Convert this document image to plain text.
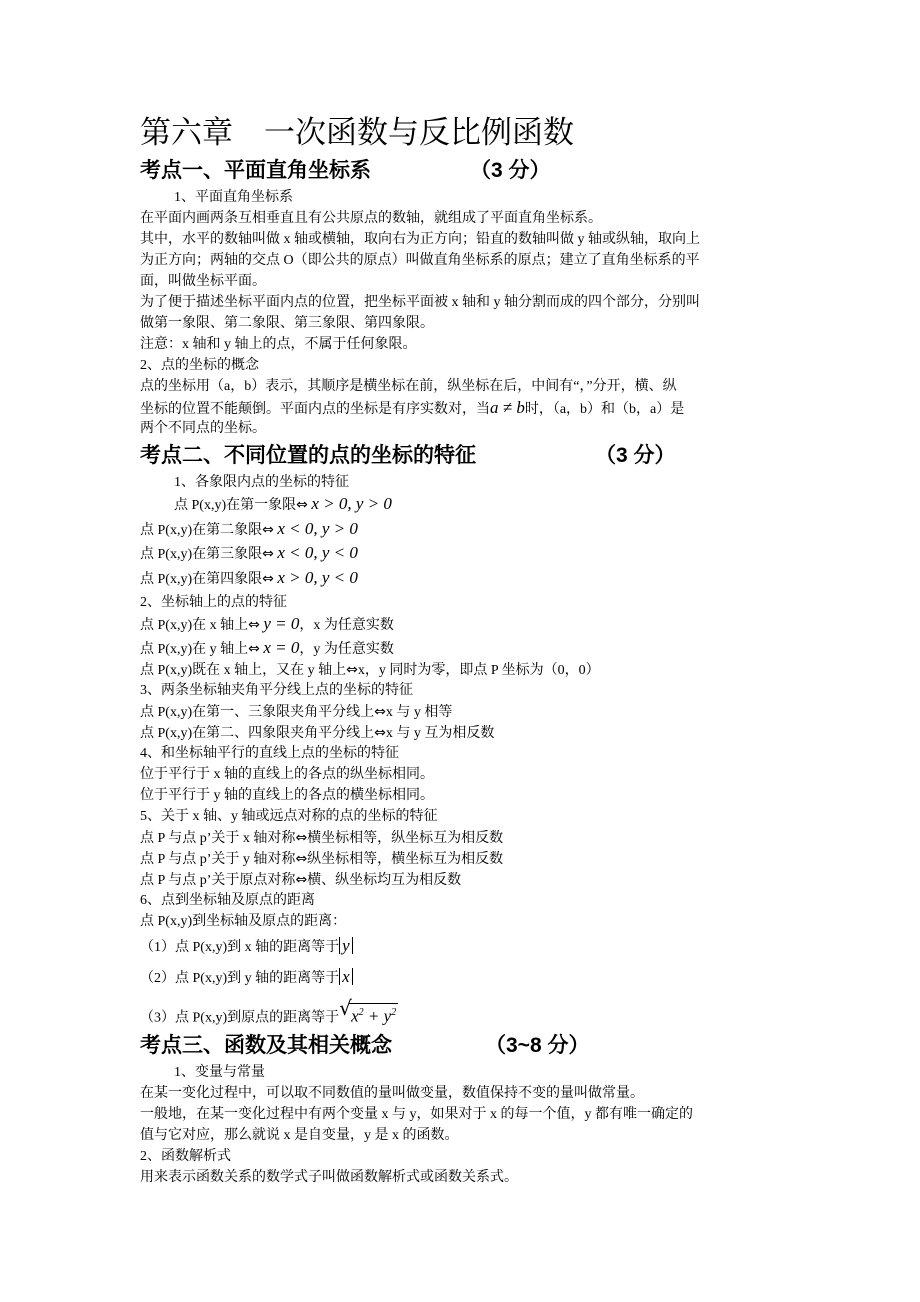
第六章　一次函数与反比例函数
考点一、平面直角坐标系	（3 分）
1、平面直角坐标系
在平面内画两条互相垂直且有公共原点的数轴，就组成了平面直角坐标系。
其中，水平的数轴叫做 x 轴或横轴，取向右为正方向；铅直的数轴叫做 y 轴或纵轴，取向上
为正方向；两轴的交点 O（即公共的原点）叫做直角坐标系的原点；建立了直角坐标系的平
面，叫做坐标平面。
为了便于描述坐标平面内点的位置，把坐标平面被 x 轴和 y 轴分割而成的四个部分，分别叫
做第一象限、第二象限、第三象限、第四象限。
注意：x 轴和 y 轴上的点，不属于任何象限。
2、点的坐标的概念
点的坐标用（a，b）表示，其顺序是横坐标在前，纵坐标在后，中间有“，”分开，横、纵
坐标的位置不能颠倒。平面内点的坐标是有序实数对，当a ≠ b时，（a，b）和（b，a）是
两个不同点的坐标。
考点二、不同位置的点的坐标的特征	（3 分）
1、各象限内点的坐标的特征
点 P(x,y)在第一象限⇔ x > 0, y > 0
点 P(x,y)在第二象限⇔ x < 0, y > 0
点 P(x,y)在第三象限⇔ x < 0, y < 0
点 P(x,y)在第四象限⇔ x > 0, y < 0
2、坐标轴上的点的特征
点 P(x,y)在 x 轴上⇔ y = 0，x 为任意实数
点 P(x,y)在 y 轴上⇔ x = 0，y 为任意实数
点 P(x,y)既在 x 轴上，又在 y 轴上⇔x，y 同时为零，即点 P 坐标为（0，0）
3、两条坐标轴夹角平分线上点的坐标的特征
点 P(x,y)在第一、三象限夹角平分线上⇔x 与 y 相等
点 P(x,y)在第二、四象限夹角平分线上⇔x 与 y 互为相反数
4、和坐标轴平行的直线上点的坐标的特征
位于平行于 x 轴的直线上的各点的纵坐标相同。
位于平行于 y 轴的直线上的各点的横坐标相同。
5、关于 x 轴、y 轴或远点对称的点的坐标的特征
点 P 与点 p’关于 x 轴对称⇔横坐标相等，纵坐标互为相反数
点 P 与点 p’关于 y 轴对称⇔纵坐标相等，横坐标互为相反数
点 P 与点 p’关于原点对称⇔横、纵坐标均互为相反数
6、点到坐标轴及原点的距离
点 P(x,y)到坐标轴及原点的距离：
（1）点 P(x,y)到 x 轴的距离等于 y
（2）点 P(x,y)到 y 轴的距离等于 x
（3）点 P(x,y)到原点的距离等于 √ $x^2 + y^2$
考点三、函数及其相关概念	（3~8 分）
1、变量与常量
在某一变化过程中，可以取不同数值的量叫做变量，数值保持不变的量叫做常量。
一般地，在某一变化过程中有两个变量 x 与 y，如果对于 x 的每一个值，y 都有唯一确定的
值与它对应，那么就说 x 是自变量，y 是 x 的函数。
2、函数解析式
用来表示函数关系的数学式子叫做函数解析式或函数关系式。
